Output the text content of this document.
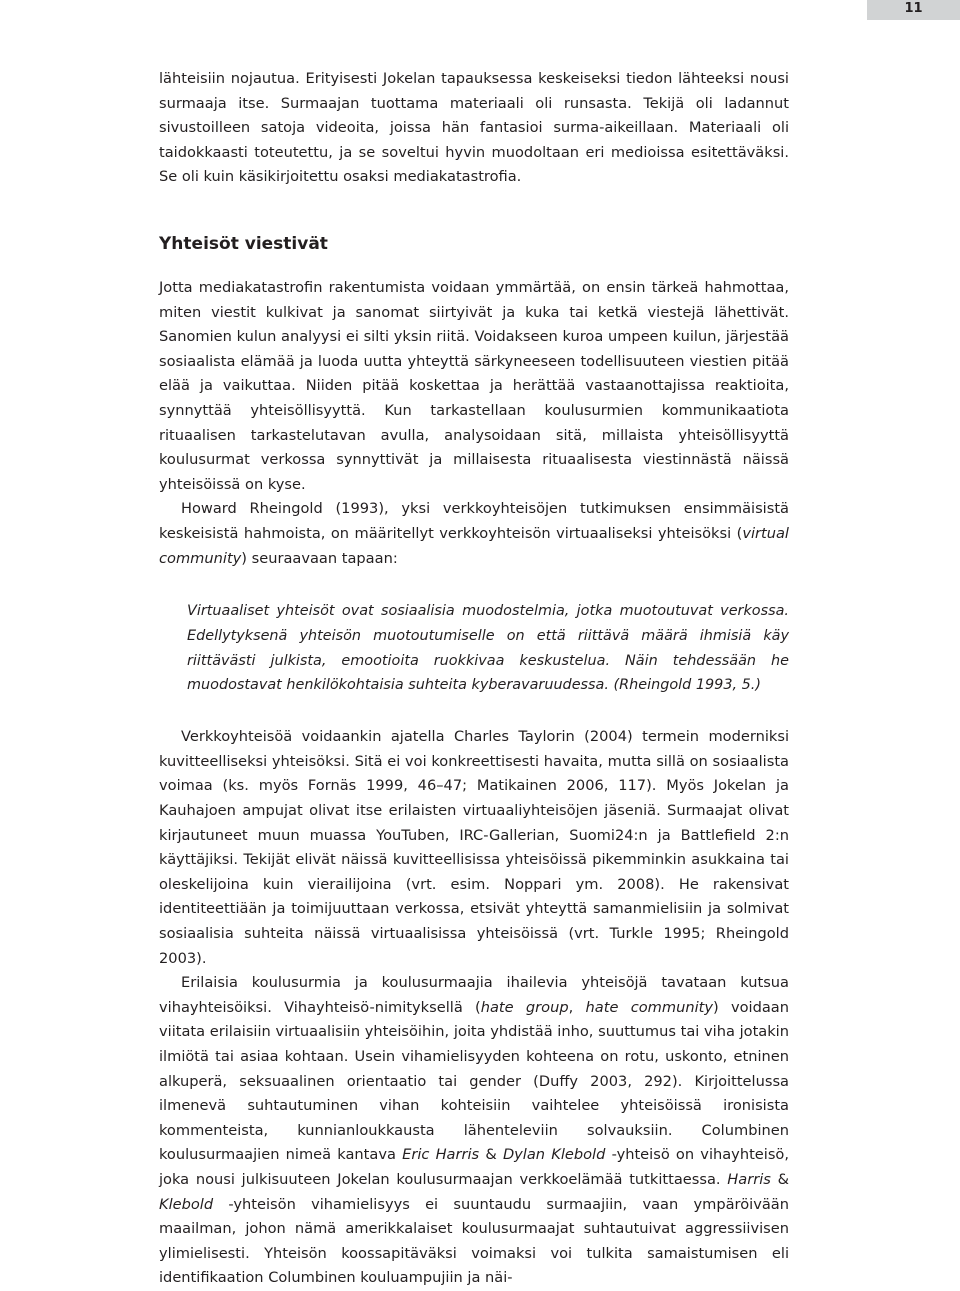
11

lähteisiin nojautua. Erityisesti Jokelan tapauksessa keskeiseksi tiedon lähteeksi nousi surmaaja itse. Surmaajan tuottama materiaali oli runsasta. Tekijä oli ladannut sivustoilleen satoja videoita, joissa hän fantasioi surma-aikeillaan. Materiaali oli taidokkaasti toteutettu, ja se soveltui hyvin muodoltaan eri medioissa esitettäväksi. Se oli kuin käsikirjoitettu osaksi mediakatastrofia.

Yhteisöt viestivät

Jotta mediakatastrofin rakentumista voidaan ymmärtää, on ensin tärkeä hahmottaa, miten viestit kulkivat ja sanomat siirtyivät ja kuka tai ketkä viestejä lähettivät. Sanomien kulun analyysi ei silti yksin riitä. Voidakseen kuroa umpeen kuilun, järjestää sosiaalista elämää ja luoda uutta yhteyttä särkyneeseen todellisuuteen viestien pitää elää ja vaikuttaa. Niiden pitää koskettaa ja herättää vastaanottajissa reaktioita, synnyttää yhteisöllisyyttä. Kun tarkastellaan koulusurmien kommunikaatiota rituaalisen tarkastelutavan avulla, analysoidaan sitä, millaista yhteisöllisyyttä koulusurmat verkossa synnyttivät ja millaisesta rituaalisesta viestinnästä näissä yhteisöissä on kyse.

Howard Rheingold (1993), yksi verkkoyhteisöjen tutkimuksen ensimmäisistä keskeisistä hahmoista, on määritellyt verkkoyhteisön virtuaaliseksi yhteisöksi (virtual community) seuraavaan tapaan:

Virtuaaliset yhteisöt ovat sosiaalisia muodostelmia, jotka muotoutuvat verkossa. Edellytyksenä yhteisön muotoutumiselle on että riittävä määrä ihmisiä käy riittävästi julkista, emootioita ruokkivaa keskustelua. Näin tehdessään he muodostavat henkilökohtaisia suhteita kyberavaruudessa. (Rheingold 1993, 5.)

Verkkoyhteisöä voidaankin ajatella Charles Taylorin (2004) termein moderniksi kuvitteelliseksi yhteisöksi. Sitä ei voi konkreettisesti havaita, mutta sillä on sosiaalista voimaa (ks. myös Fornäs 1999, 46–47; Matikainen 2006, 117). Myös Jokelan ja Kauhajoen ampujat olivat itse erilaisten virtuaaliyhteisöjen jäseniä. Surmaajat olivat kirjautuneet muun muassa YouTuben, IRC-Gallerian, Suomi24:n ja Battlefield 2:n käyttäjiksi. Tekijät elivät näissä kuvitteellisissa yhteisöissä pikemminkin asukkaina tai oleskelijoina kuin vierailijoina (vrt. esim. Noppari ym. 2008). He rakensivat identiteettiään ja toimijuuttaan verkossa, etsivät yhteyttä samanmielisiin ja solmivat sosiaalisia suhteita näissä virtuaalisissa yhteisöissä (vrt. Turkle 1995; Rheingold 2003).

Erilaisia koulusurmia ja koulusurmaajia ihailevia yhteisöjä tavataan kutsua vihayhteisöiksi. Vihayhteisö-nimityksellä (hate group, hate community) voidaan viitata erilaisiin virtuaalisiin yhteisöihin, joita yhdistää inho, suuttumus tai viha jotakin ilmiötä tai asiaa kohtaan. Usein vihamielisyyden kohteena on rotu, uskonto, etninen alkuperä, seksuaalinen orientaatio tai gender (Duffy 2003, 292). Kirjoittelussa ilmenevä suhtautuminen vihan kohteisiin vaihtelee yhteisöissä ironisista kommenteista, kunnianloukkausta lähenteleviin solvauksiin. Columbinen koulusurmaajien nimeä kantava Eric Harris & Dylan Klebold -yhteisö on vihayhteisö, joka nousi julkisuuteen Jokelan koulusurmaajan verkkoelämää tutkittaessa. Harris & Klebold -yhteisön vihamielisyys ei suuntaudu surmaajiin, vaan ympäröivään maailman, johon nämä amerikkalaiset koulusurmaajat suhtautuivat aggressiivisen ylimielisesti. Yhteisön koossapitäväksi voimaksi voi tulkita samaistumisen eli identifikaation Columbinen kouluampujiin ja näi-
